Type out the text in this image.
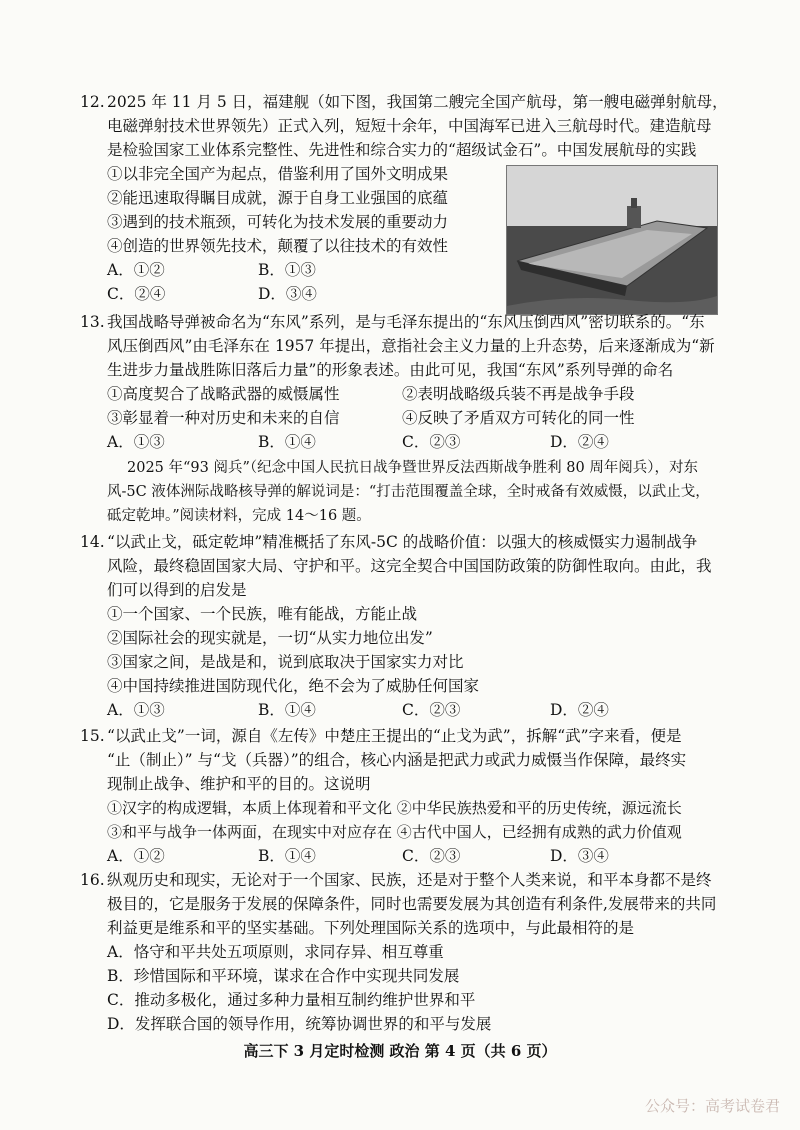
12. 2025 年 11 月 5 日，福建舰（如下图，我国第二艘完全国产航母，第一艘电磁弹射航母，
电磁弹射技术世界领先）正式入列，短短十余年，中国海军已进入三航母时代。建造航母
是检验国家工业体系完整性、先进性和综合实力的“超级试金石”。中国发展航母的实践
①以非完全国产为起点，借鉴利用了国外文明成果
②能迅速取得瞩目成就，源于自身工业强国的底蕴
③遇到的技术瓶颈，可转化为技术发展的重要动力
④创造的世界领先技术，颠覆了以往技术的有效性
A．①②	B．①③
C．②④	D．③④
13. 我国战略导弹被命名为“东风”系列，是与毛泽东提出的“东风压倒西风”密切联系的。“东
风压倒西风”由毛泽东在 1957 年提出，意指社会主义力量的上升态势，后来逐渐成为“新
生进步力量战胜陈旧落后力量”的形象表述。由此可见，我国“东风”系列导弹的命名
①高度契合了战略武器的威慑属性	②表明战略级兵装不再是战争手段
③彰显着一种对历史和未来的自信	④反映了矛盾双方可转化的同一性
A．①③	B．①④	C．②③	D．②④
2025 年“93 阅兵”（纪念中国人民抗日战争暨世界反法西斯战争胜利 80 周年阅兵），对东
风-5C 液体洲际战略核导弹的解说词是：“打击范围覆盖全球，全时戒备有效威慑，以武止戈，
砥定乾坤。”阅读材料，完成 14～16 题。
14. “以武止戈，砥定乾坤”精准概括了东风-5C 的战略价值：以强大的核威慑实力遏制战争
风险，最终稳固国家大局、守护和平。这完全契合中国国防政策的防御性取向。由此，我
们可以得到的启发是
①一个国家、一个民族，唯有能战，方能止战
②国际社会的现实就是，一切“从实力地位出发”
③国家之间，是战是和，说到底取决于国家实力对比
④中国持续推进国防现代化，绝不会为了威胁任何国家
A．①③	B．①④	C．②③	D．②④
15. “以武止戈”一词，源自《左传》中楚庄王提出的“止戈为武”，拆解“武”字来看，便是
“止（制止）” 与“戈（兵器）”的组合，核心内涵是把武力或武力威慑当作保障，最终实
现制止战争、维护和平的目的。这说明
①汉字的构成逻辑，本质上体现着和平文化 ②中华民族热爱和平的历史传统，源远流长
③和平与战争一体两面，在现实中对应存在 ④古代中国人，已经拥有成熟的武力价值观
A．①②	B．①④	C．②③	D．③④
16. 纵观历史和现实，无论对于一个国家、民族，还是对于整个人类来说，和平本身都不是终
极目的，它是服务于发展的保障条件，同时也需要发展为其创造有利条件,发展带来的共同
利益更是维系和平的坚实基础。下列处理国际关系的选项中，与此最相符的是
A．恪守和平共处五项原则，求同存异、相互尊重
B．珍惜国际和平环境，谋求在合作中实现共同发展
C．推动多极化，通过多种力量相互制约维护世界和平
D．发挥联合国的领导作用，统筹协调世界的和平与发展
高三下 3 月定时检测 政治 第 4 页（共 6 页）
公众号：高考试卷君
